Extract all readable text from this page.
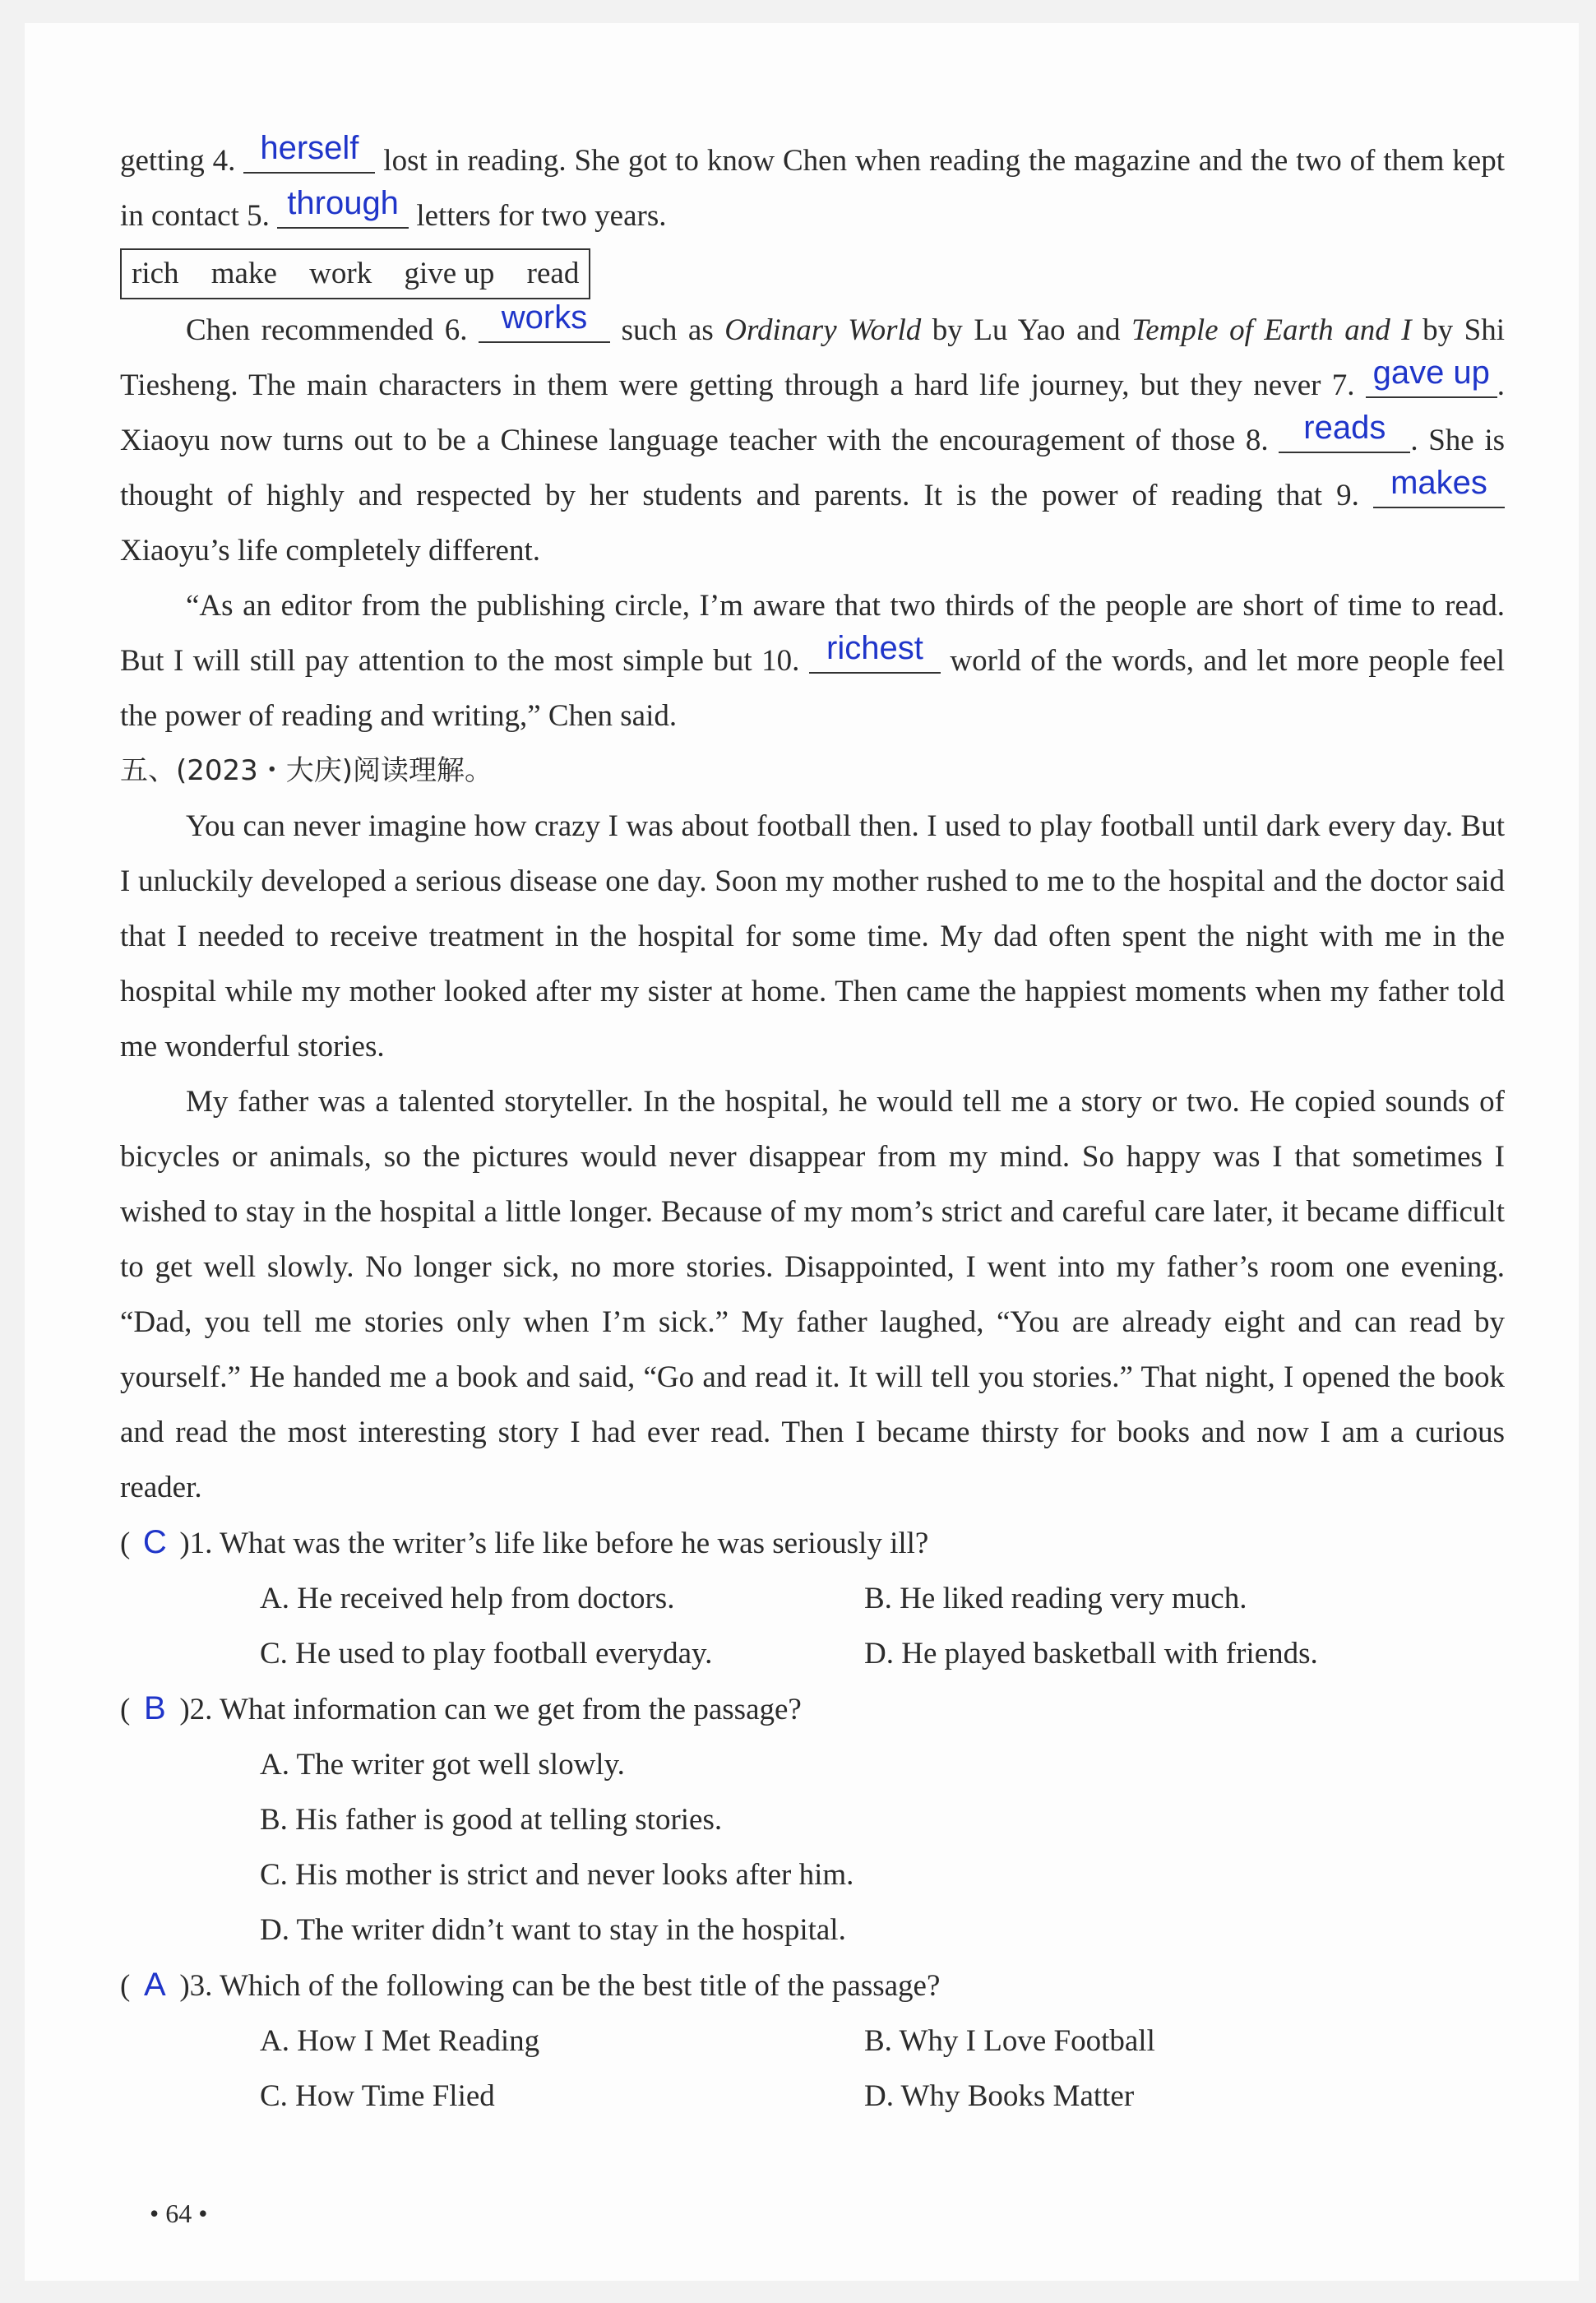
getting 4. herself lost in reading. She got to know Chen when reading the magazine and the two of them kept in contact 5. through letters for two years.

rich make work give up read

Chen recommended 6. works such as Ordinary World by Lu Yao and Temple of Earth and I by Shi Tiesheng. The main characters in them were getting through a hard life journey, but they never 7. gave up . Xiaoyu now turns out to be a Chinese language teacher with the encouragement of those 8. reads . She is thought of highly and respected by her students and parents. It is the power of reading that 9. makes
Xiaoyu’s life completely different.

“As an editor from the publishing circle, I’m aware that two thirds of the people are short of time to read. But I will still pay attention to the most simple but 10. richest world of the words, and let more people feel the power of reading and writing,” Chen said.

五、(2023・大庆)阅读理解。

You can never imagine how crazy I was about football then. I used to play football until dark every day. But I unluckily developed a serious disease one day. Soon my mother rushed to me to the hospital and the doctor said that I needed to receive treatment in the hospital for some time. My dad often spent the night with me in the hospital while my mother looked after my sister at home. Then came the happiest moments when my father told me wonderful stories.

My father was a talented storyteller. In the hospital, he would tell me a story or two. He copied sounds of bicycles or animals, so the pictures would never disappear from my mind. So happy was I that sometimes I wished to stay in the hospital a little longer. Because of my mom’s strict and careful care later, it became difficult to get well slowly. No longer sick, no more stories. Disappointed, I went into my father’s room one evening. “Dad, you tell me stories only when I’m sick.” My father laughed, “You are already eight and can read by yourself.” He handed me a book and said, “Go and read it. It will tell you stories.” That night, I opened the book and read the most interesting story I had ever read. Then I became thirsty for books and now I am a curious reader.

( C )1. What was the writer’s life like before he was seriously ill?
A. He received help from doctors.	B. He liked reading very much.
C. He used to play football everyday.	D. He played basketball with friends.
( B )2. What information can we get from the passage?
A. The writer got well slowly.
B. His father is good at telling stories.
C. His mother is strict and never looks after him.
D. The writer didn’t want to stay in the hospital.
( A )3. Which of the following can be the best title of the passage?
A. How I Met Reading	B. Why I Love Football
C. How Time Flied	D. Why Books Matter
• 64 •
